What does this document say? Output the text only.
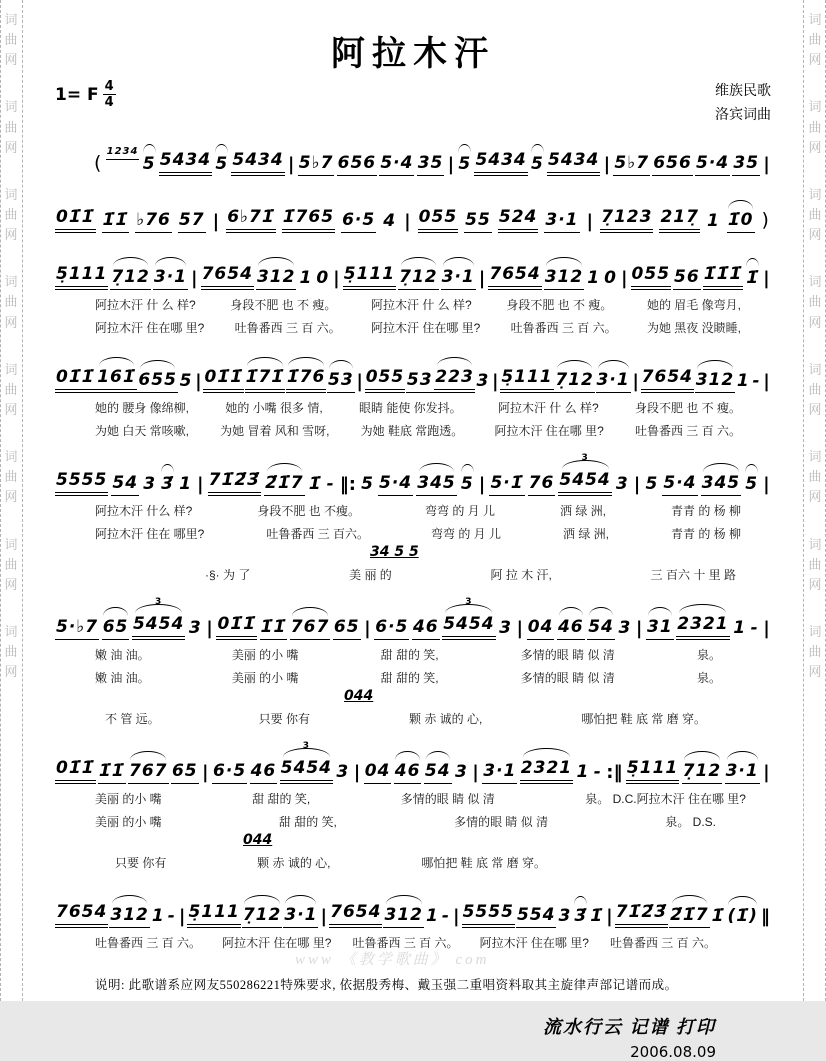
词
曲
网
词
曲
网
词
曲
网
词
曲
网
词
曲
网
词
曲
网
词
曲
网
词
曲
网
词
曲
网
词
曲
网
词
曲
网
词
曲
网
词
曲
网
词
曲
网
词
曲
网
词
曲
网
阿拉木汗
1= F 4
4
维族民歌
洛宾词曲
(
1234
5 5434 5 5434 | 5♭7 656 5·4 35 | 5 5434 5 5434 | 5♭7 656 5·4 35 |
01̇1̇ 1̇1̇ ♭76 57 | 6♭71̇ 1̇765 6·5 4 | 055 55 524 3·1 | 7̣123 217̣ 1 1̇0 )
5̣111 7̣12 3·1 | 7654 312 1 0 | 5̣111 7̣12 3·1 | 7654 312 1 0 | 055 56 1̇1̇1̇ 1̇ |
阿拉木汗 什 么 样?	身段不肥 也 不 瘦。	阿拉木汗 什 么 样?	身段不肥 也 不 瘦。	她的 眉毛 像弯月,
阿拉木汗 住在哪 里?	吐鲁番西 三 百 六。	阿拉木汗 住在哪 里?	吐鲁番西 三 百 六。	为她 黑夜 没瞆睡,
01̇1̇ 161̇ 655 5 | 01̇1̇ 1̇71̇ 1̇76 53 | 055 53 223 3 | 5̣111 7̣12 3·1 | 7654 312 1 - |
她的 腰身 像绵柳,	她的 小嘴 很多 情,	眼睛 能使 你发抖。	阿拉木汗 什 么 样?	身段不肥 也 不 瘦。
为她 白天 常咳嗽,	为她 冒着 风和 雪呀,	为她 鞋底 常跑透。	阿拉木汗 住在哪 里?	吐鲁番西 三 百 六。
5555 54 3 3̇ 1 | 71̇2̇3̇ 2̇1̇7 1̇ - ‖: 5 5·4 345 5 | 5·1̇ 76 5454
3
3 | 5 5·4 345 5 |
阿拉木汗 什么 样?	身段不肥 也 不瘦。	弯弯 的 月 儿	洒 绿 洲,	青青 的 杨 柳
阿拉木汗 住在 哪里?	吐鲁番西 三 百六。	弯弯 的 月 儿	洒 绿 洲,	青青 的 杨 柳
34 5 5
·§· 为 了	美 丽 的	阿 拉 木 汗,	三 百六 十 里 路
5·♭7 65 5454
3
3 | 01̇1̇ 1̇1̇ 767 65 | 6·5 46 5454
3
3 | 04 46 54 3 | 31 2321 1 - |
嫩 油 油。	美丽 的小 嘴	甜 甜的 笑,	多情的眼 睛 似 清	泉。
嫩 油 油。	美丽 的小 嘴	甜 甜的 笑,	多情的眼 睛 似 清	泉。
044
不 管 远。	只要 你有	颗 赤 诚的 心,	哪怕把 鞋 底 常 磨 穿。
01̇1̇ 1̇1̇ 767 65 | 6·5 46 5454
3
3 | 04 46 54 3 | 3·1 2321 1 - :‖ 5̣111 7̣12 3·1 |
美丽 的小 嘴	甜 甜的 笑,	多情的眼 睛 似 清	泉。 D.C.阿拉木汗 住在哪 里?
美丽 的小 嘴	甜 甜的 笑,	多情的眼 睛 似 清	泉。 D.S.
044
只要 你有	颗 赤 诚的 心,	哪怕把 鞋 底 常 磨 穿。
7654 312 1 - | 5̣111 7̣12 3·1 | 7654 312 1 - | 5555 554 3 3̇ 1̇ | 71̇2̇3̇ 2̇1̇7 1̇ (1̇) ‖
吐鲁番西 三 百 六。 阿拉木汗 住在哪 里? 吐鲁番西 三 百 六。 阿拉木汗 住在哪 里? 吐鲁番西 三 百 六。
说明: 此歌谱系应网友550286221特殊要求, 依据殷秀梅、戴玉强二重唱资料取其主旋律声部记谱而成。
流水行云 记谱 打印
2006.08.09
www 《教学歌曲》 com
